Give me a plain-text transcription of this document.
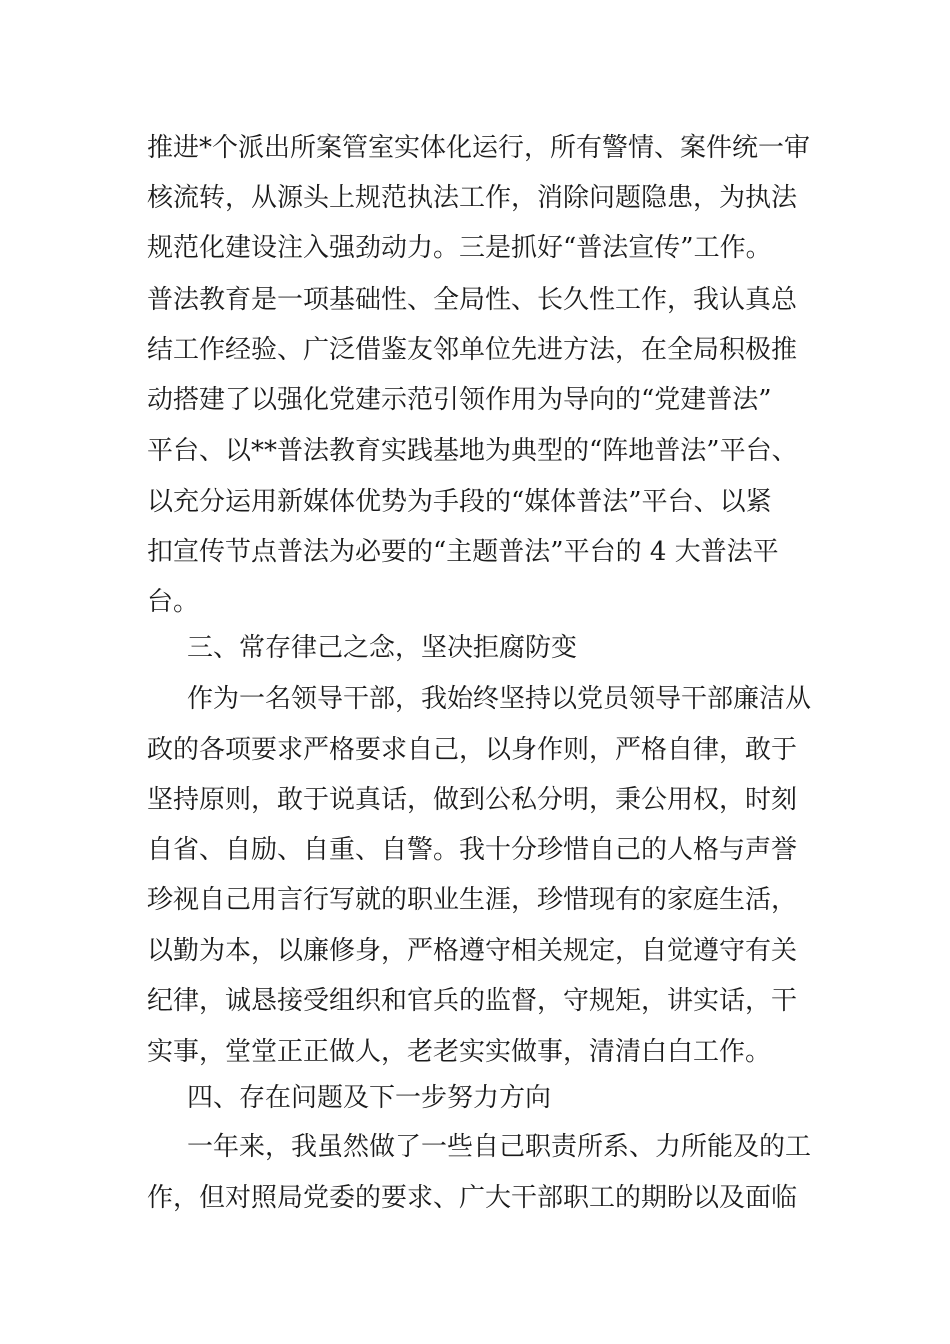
推进*个派出所案管室实体化运行，所有警情、案件统一审
核流转，从源头上规范执法工作，消除问题隐患，为执法
规范化建设注入强劲动力。三是抓好“普法宣传”工作。
普法教育是一项基础性、全局性、长久性工作，我认真总
结工作经验、广泛借鉴友邻单位先进方法，在全局积极推
动搭建了以强化党建示范引领作用为导向的“党建普法”
平台、以**普法教育实践基地为典型的“阵地普法”平台、
以充分运用新媒体优势为手段的“媒体普法”平台、以紧
扣宣传节点普法为必要的“主题普法”平台的 4 大普法平
台。
三、常存律己之念，坚决拒腐防变
作为一名领导干部，我始终坚持以党员领导干部廉洁从
政的各项要求严格要求自己，以身作则，严格自律，敢于
坚持原则，敢于说真话，做到公私分明，秉公用权，时刻
自省、自励、自重、自警。我十分珍惜自己的人格与声誉
珍视自己用言行写就的职业生涯，珍惜现有的家庭生活，
以勤为本，以廉修身，严格遵守相关规定，自觉遵守有关
纪律，诚恳接受组织和官兵的监督，守规矩，讲实话，干
实事，堂堂正正做人，老老实实做事，清清白白工作。
四、存在问题及下一步努力方向
一年来，我虽然做了一些自己职责所系、力所能及的工
作，但对照局党委的要求、广大干部职工的期盼以及面临
